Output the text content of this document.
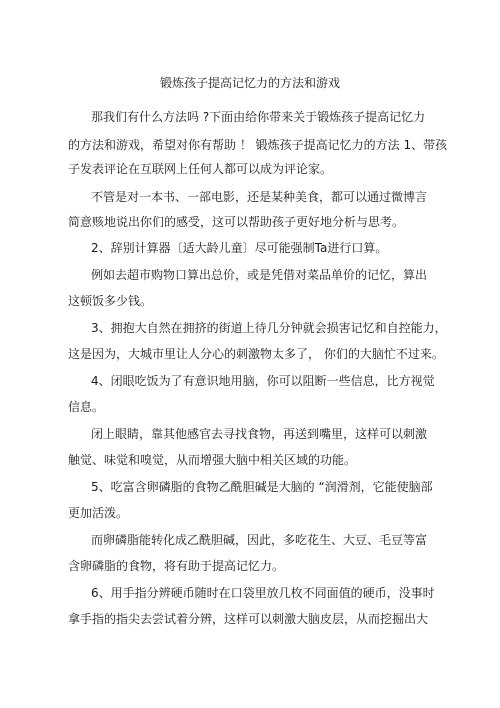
锻炼孩子提高记忆力的方法和游戏
那我们有什么方法吗 ?下面由给你带来关于锻炼孩子提高记忆力
的方法和游戏，希望对你有帮助 ！ 锻炼孩子提高记忆力的方法 1、带孩
子发表评论在互联网上任何人都可以成为评论家。
不管是对一本书、一部电影，还是某种美食，都可以通过微博言
简意赅地说出你们的感受，这可以帮助孩子更好地分析与思考。
2、辞别计算器〔适大龄儿童〕尽可能强制Ta进行口算。
例如去超市购物口算出总价，或是凭借对菜品单价的记忆，算出
这顿饭多少钱。
3、拥抱大自然在拥挤的街道上待几分钟就会损害记忆和自控能力，
这是因为，大城市里让人分心的刺激物太多了， 你们的大脑忙不过来。
4、闭眼吃饭为了有意识地用脑，你可以阻断一些信息，比方视觉
信息。
闭上眼睛，靠其他感官去寻找食物，再送到嘴里，这样可以刺激
触觉、味觉和嗅觉，从而增强大脑中相关区域的功能。
5、吃富含卵磷脂的食物乙酰胆碱是大脑的 “润滑剂，它能使脑部
更加活泼。
而卵磷脂能转化成乙酰胆碱，因此，多吃花生、大豆、毛豆等富
含卵磷脂的食物，将有助于提高记忆力。
6、用手指分辨硬币随时在口袋里放几枚不同面值的硬币，没事时
拿手指的指尖去尝试着分辨，这样可以刺激大脑皮层，从而挖掘出大
